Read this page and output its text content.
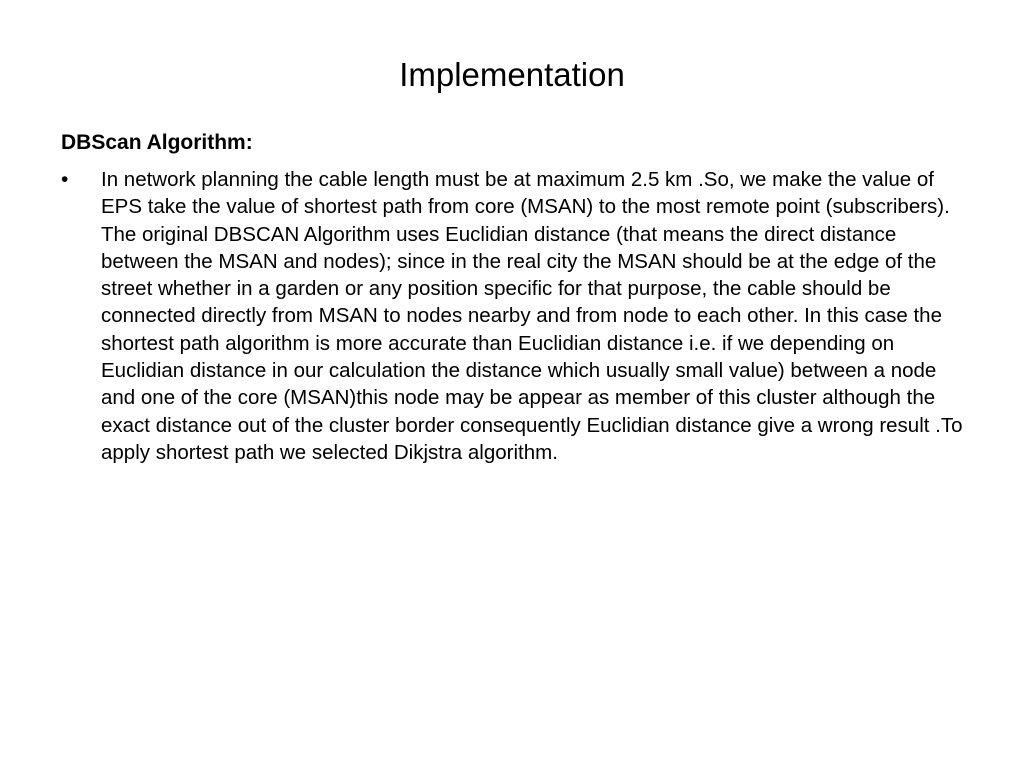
Implementation
DBScan Algorithm:
• In network planning the cable length must be at maximum 2.5 km .So, we make the value of EPS take the value of shortest path from core (MSAN) to the most remote point (subscribers). The original DBSCAN Algorithm uses Euclidian distance (that means the direct distance between the MSAN and nodes); since in the real city the MSAN should be at the edge of the street whether in a garden or any position specific for that purpose, the cable should be connected directly from MSAN to nodes nearby and from node to each other. In this case the shortest path algorithm is more accurate than Euclidian distance i.e. if we depending on Euclidian distance in our calculation the distance which usually small value) between a node and one of the core (MSAN)this node may be appear as member of this cluster although the exact distance out of the cluster border consequently Euclidian distance give a wrong result .To apply shortest path we selected Dikjstra algorithm.
